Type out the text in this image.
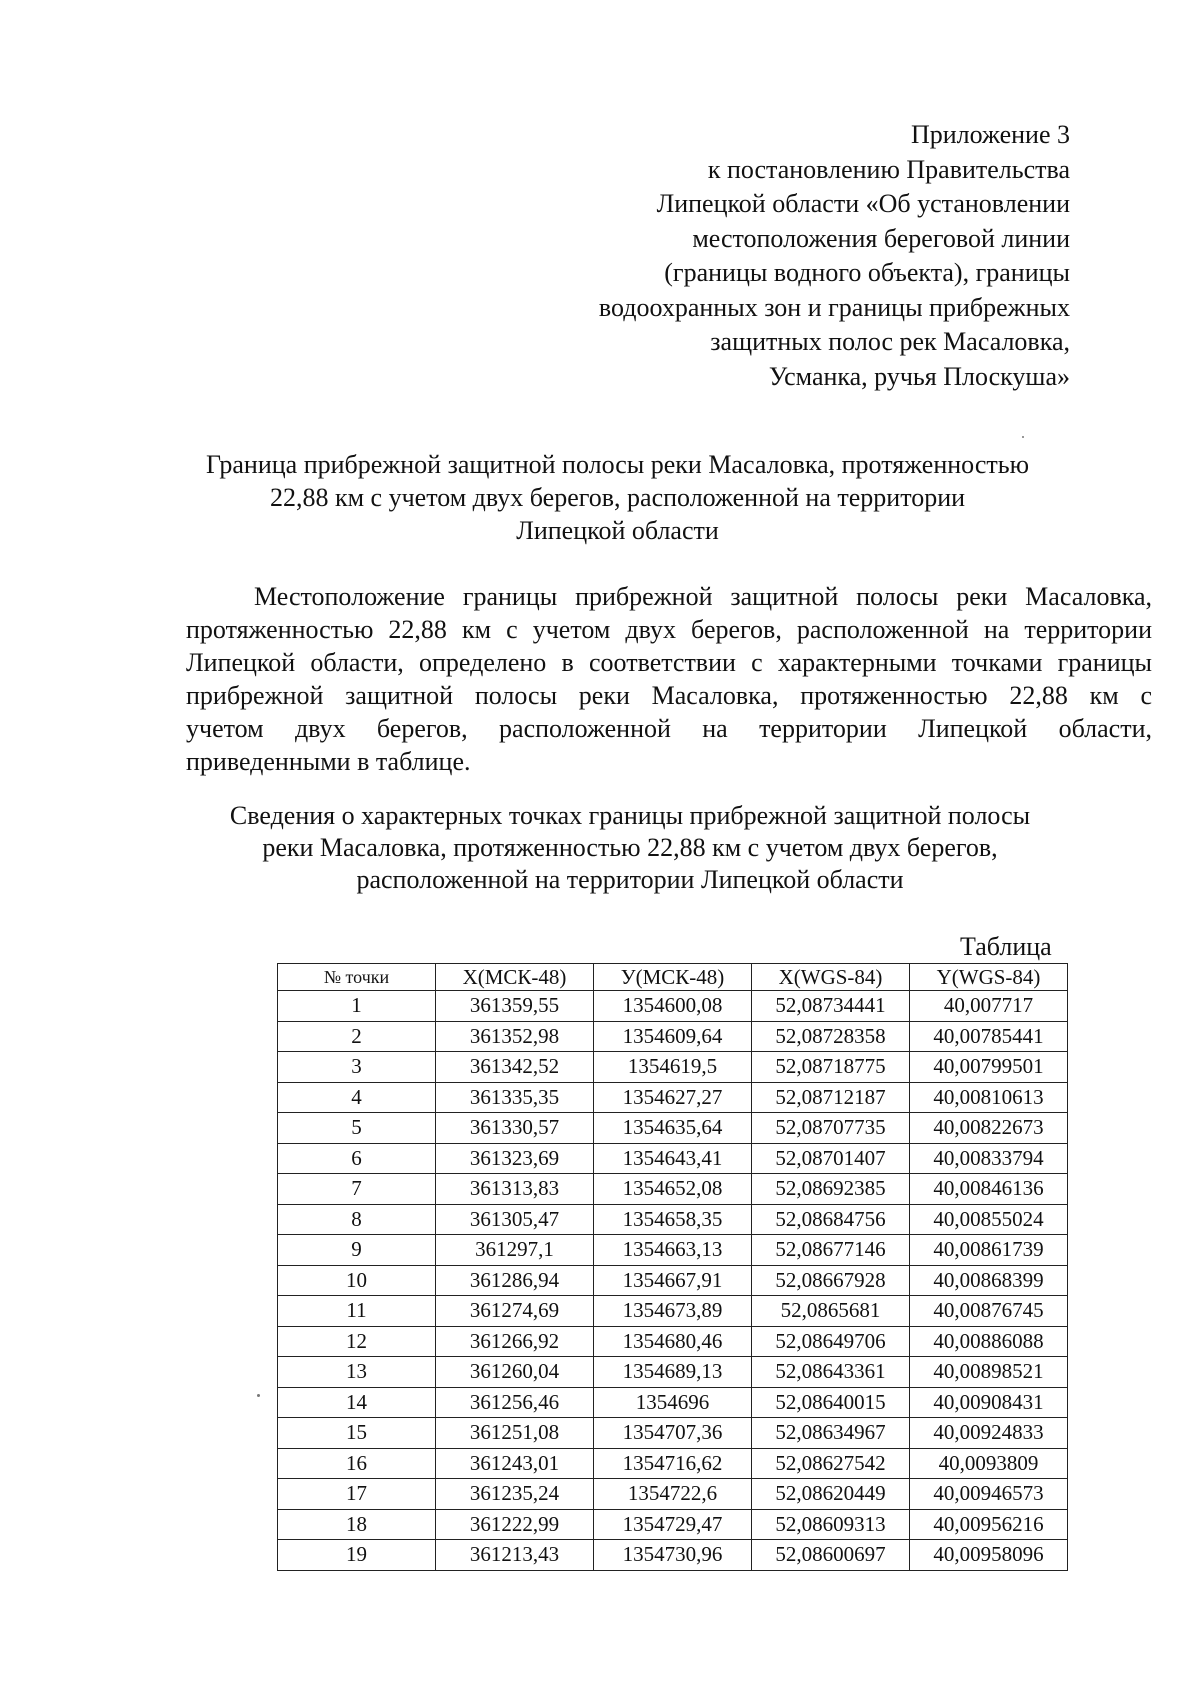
Приложение 3
к постановлению Правительства
Липецкой области «Об установлении
местоположения береговой линии
(границы водного объекта), границы
водоохранных зон и границы прибрежных
защитных полос рек Масаловка,
Усманка, ручья Плоскуша»
Граница прибрежной защитной полосы реки Масаловка, протяженностью
22,88 км с учетом двух берегов, расположенной на территории
Липецкой области
Местоположение границы прибрежной защитной полосы реки Масаловка,
протяженностью 22,88 км с учетом двух берегов, расположенной на территории
Липецкой области, определено в соответствии с характерными точками границы
прибрежной защитной полосы реки Масаловка, протяженностью 22,88 км с
учетом двух берегов, расположенной на территории Липецкой области,
приведенными в таблице.
Сведения о характерных точках границы прибрежной защитной полосы
реки Масаловка, протяженностью 22,88 км с учетом двух берегов,
расположенной на территории Липецкой области
Таблица
№ точки	X(МСК-48)	У(МСК-48)	X(WGS-84)	Y(WGS-84)
1	361359,55	1354600,08	52,08734441	40,007717
2	361352,98	1354609,64	52,08728358	40,00785441
3	361342,52	1354619,5	52,08718775	40,00799501
4	361335,35	1354627,27	52,08712187	40,00810613
5	361330,57	1354635,64	52,08707735	40,00822673
6	361323,69	1354643,41	52,08701407	40,00833794
7	361313,83	1354652,08	52,08692385	40,00846136
8	361305,47	1354658,35	52,08684756	40,00855024
9	361297,1	1354663,13	52,08677146	40,00861739
10	361286,94	1354667,91	52,08667928	40,00868399
11	361274,69	1354673,89	52,0865681	40,00876745
12	361266,92	1354680,46	52,08649706	40,00886088
13	361260,04	1354689,13	52,08643361	40,00898521
14	361256,46	1354696	52,08640015	40,00908431
15	361251,08	1354707,36	52,08634967	40,00924833
16	361243,01	1354716,62	52,08627542	40,0093809
17	361235,24	1354722,6	52,08620449	40,00946573
18	361222,99	1354729,47	52,08609313	40,00956216
19	361213,43	1354730,96	52,08600697	40,00958096
